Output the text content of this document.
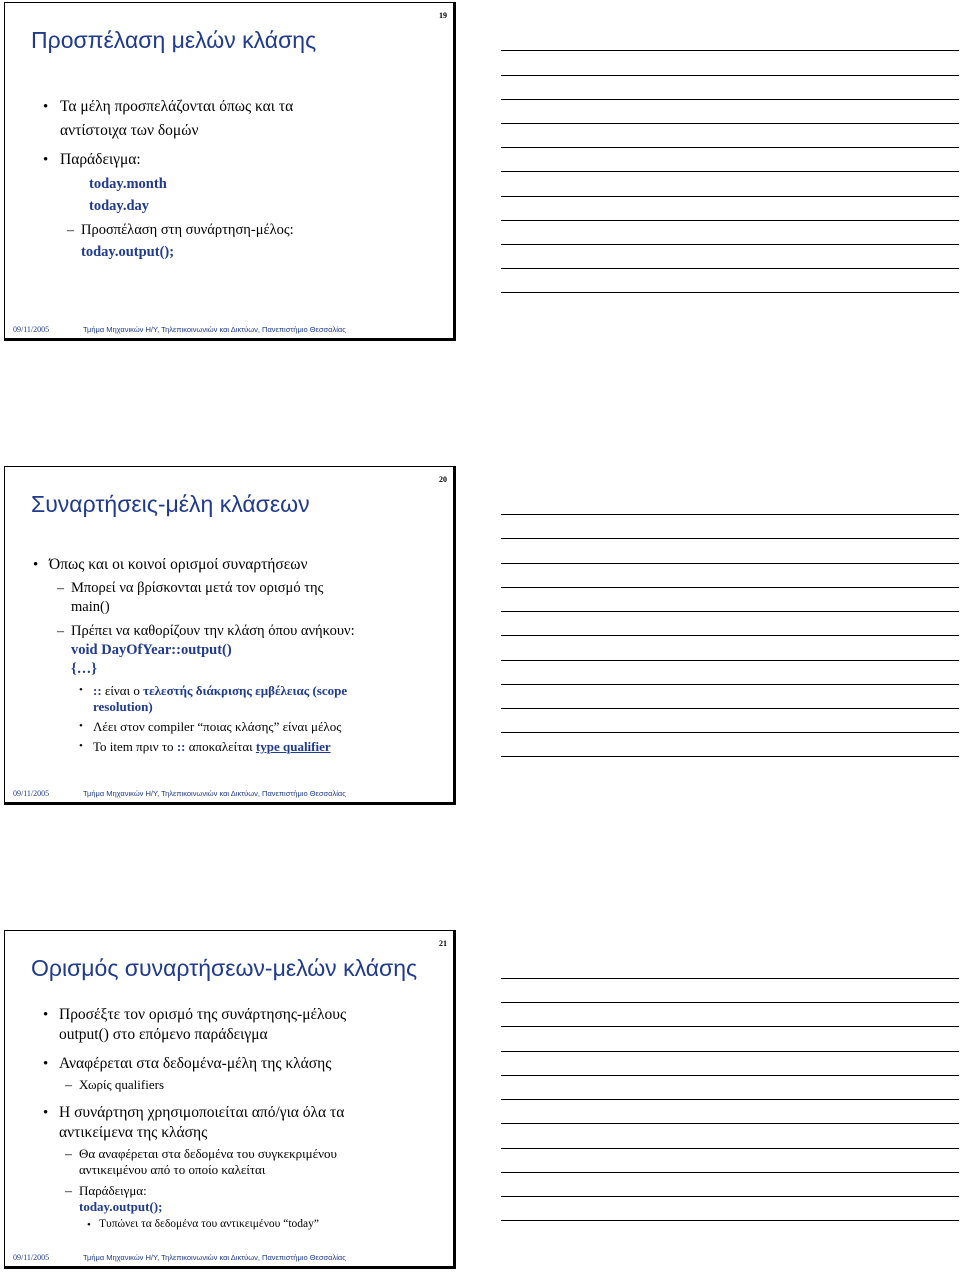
19
Προσπέλαση μελών κλάσης
• Τα μέλη προσπελάζονται όπως και τα
αντίστοιχα των δομών
• Παράδειγμα:
today.month
today.day
– Προσπέλαση στη συνάρτηση-μέλος:
today.output();
09/11/2005	Τμήμα Μηχανικών Η/Υ, Τηλεπικοινωνιών και Δικτύων, Πανεπιστήμιο Θεσσαλίας
20
Συναρτήσεις-μέλη κλάσεων
• Όπως και οι κοινοί ορισμοί συναρτήσεων
– Μπορεί να βρίσκονται μετά τον ορισμό της
main()
– Πρέπει να καθορίζουν την κλάση όπου ανήκουν:
void DayOfYear::output()
{…}
• :: είναι ο τελεστής διάκρισης εμβέλειας (scope
resolution)
• Λέει στον compiler “ποιας κλάσης” είναι μέλος
• Το item πριν το :: αποκαλείται type qualifier
09/11/2005	Τμήμα Μηχανικών Η/Υ, Τηλεπικοινωνιών και Δικτύων, Πανεπιστήμιο Θεσσαλίας
21
Ορισμός συναρτήσεων-μελών κλάσης
• Προσέξτε τον ορισμό της συνάρτησης-μέλους
output() στο επόμενο παράδειγμα
• Αναφέρεται στα δεδομένα-μέλη της κλάσης
– Χωρίς qualifiers
• Η συνάρτηση χρησιμοποιείται από/για όλα τα
αντικείμενα της κλάσης
– Θα αναφέρεται στα δεδομένα του συγκεκριμένου
αντικειμένου από το οποίο καλείται
– Παράδειγμα:
today.output();
• Τυπώνει τα δεδομένα του αντικειμένου “today”
09/11/2005	Τμήμα Μηχανικών Η/Υ, Τηλεπικοινωνιών και Δικτύων, Πανεπιστήμιο Θεσσαλίας
